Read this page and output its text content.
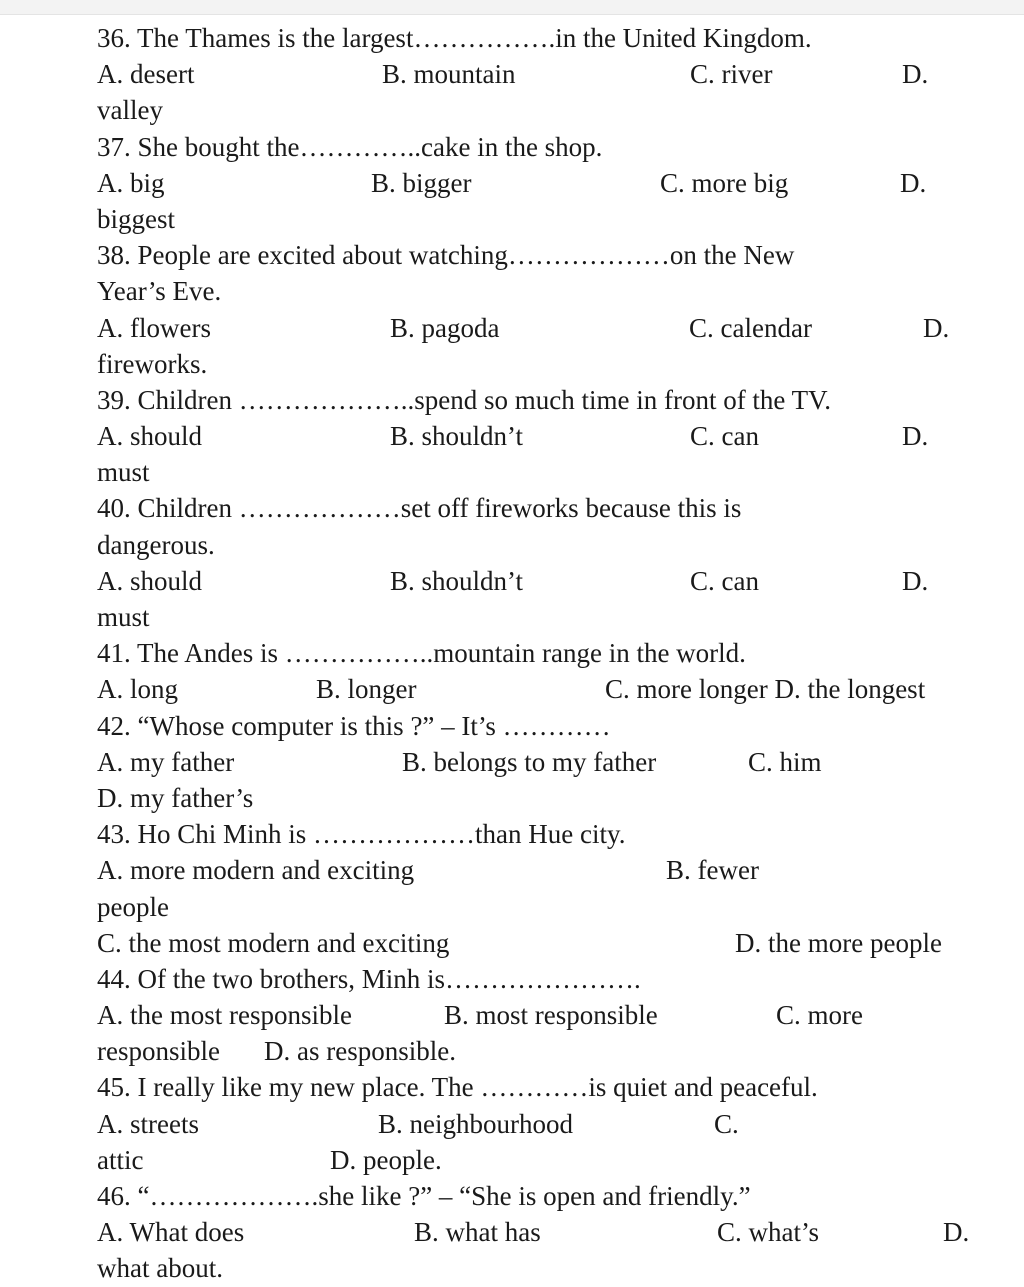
36. The Thames is the largest…………….in the United Kingdom.
A. desert	B. mountain	C. river	D.
valley
37. She bought the…………..cake in the shop.
A. big	B. bigger	C. more big	D.
biggest
38. People are excited about watching………………on the New
Year’s Eve.
A. flowers	B. pagoda	C. calendar	D.
fireworks.
39. Children ………………..spend so much time in front of the TV.
A. should	B. shouldn’t	C. can	D.
must
40. Children ………………set off fireworks because this is
dangerous.
A. should	B. shouldn’t	C. can	D.
must
41. The Andes is ……………..mountain range in the world.
A. long	B. longer	C. more longer D. the longest
42. “Whose computer is this ?” – It’s …………
A. my father	B. belongs to my father	C. him
D. my father’s
43. Ho Chi Minh is ………………than Hue city.
A. more modern and exciting	B. fewer
people
C. the most modern and exciting	D. the more people
44. Of the two brothers, Minh is………………….
A. the most responsible	B. most responsible	C. more
responsible D. as responsible.
45. I really like my new place. The …………is quiet and peaceful.
A. streets	B. neighbourhood	C.
attic	D. people.
46. “……………….she like ?” – “She is open and friendly.”
A. What does	B. what has	C. what’s	D.
what about.
